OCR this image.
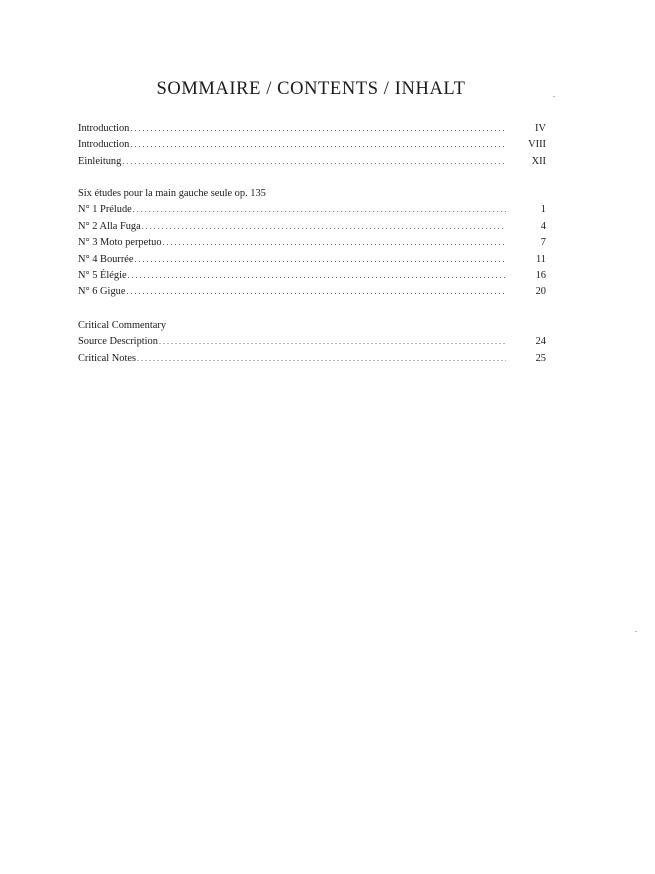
SOMMAIRE / CONTENTS / INHALT
Introduction . . .	IV
Introduction . . .	VIII
Einleitung . . .	XII
Six études pour la main gauche seule op. 135
N° 1 Prélude . . .	1
N° 2 Alla Fuga . . .	4
N° 3 Moto perpetuo . . .	7
N° 4 Bourrée . . .	11
N° 5 Élégie . . .	16
N° 6 Gigue . . .	20
Critical Commentary
Source Description . . .	24
Critical Notes . . .	25
